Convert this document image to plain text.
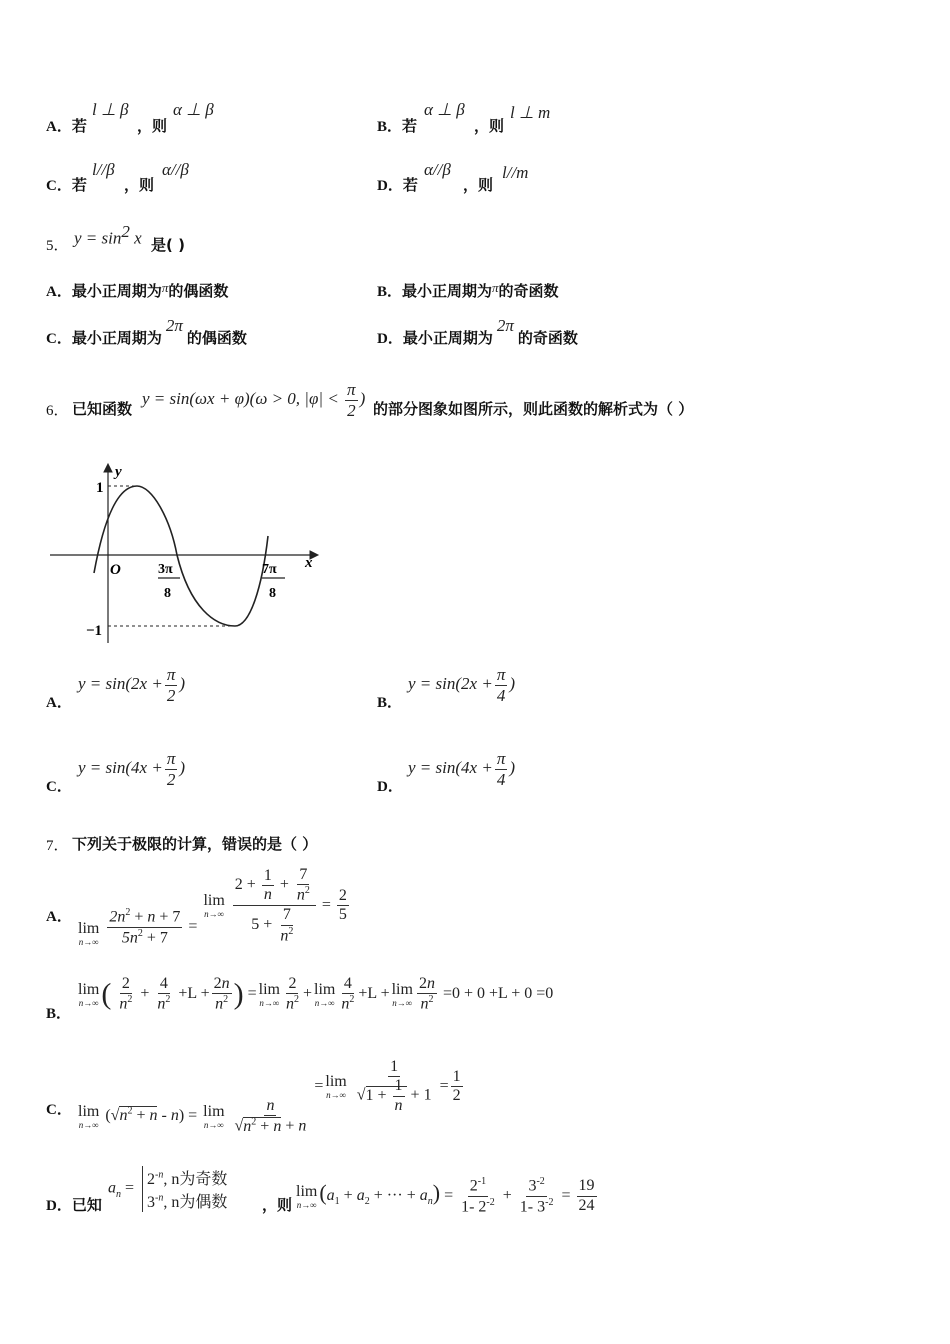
A．若
l ⊥ β
，则
α ⊥ β
B．若
α ⊥ β
，则
l ⊥ m
C．若
l//β
，则
α//β
D．若
α//β
，则
l//m
5． $y = \sin^2 x$ 是( )
A．最小正周期为$^\pi$的偶函数	B．最小正周期为$^\pi$的奇函数
C．最小正周期为2π的偶函数	D．最小正周期为2π的奇函数
6． 已知函数
y = sin(ωx + φ)(ω > 0, $|\varphi| < \frac{\pi}{2}$ )
的部分图象如图所示，则此函数的解析式为（ ）
y
x
1
−1
O	3π
8
7π
8
A．
$y = \sin(2x + \frac{\pi}{2}$ )
B．
$y = \sin(2x + \frac{\pi}{4}$ )
C．
$y = \sin(4x + \frac{\pi}{2}$ )
D．
$y = \sin(4x + \frac{\pi}{4}$ )
7． 下列关于极限的计算，错误的是（ ）
A．
lim
n→∞
$\frac{2n^2 + n + 7}{5n^2 + 7}$ =
lim
n→∞
$\frac{2 + \frac{1}{n} + \frac{7}{n^2}}{5 + \frac{7}{n^2}} = \frac{2}{5}$
B．
lim
n→∞ ( $\frac{2}{n^2} + \frac{4}{n^2} +L + \frac{2n}{n^2}$ ) = lim
$n\to\infty \frac{2}{n^2} + \lim$
$n\to\infty \frac{4}{n^2} +L + \lim$
$n\to\infty \frac{2n}{n^2} =0 + 0 +L + 0 =0$
C． lim
n→∞
$(√n^2 + n - n) = \lim$
n→∞
$\frac{n}{√n^2 + n + n}$
= lim
n→∞
$\frac{1}{√1 + \frac{1}{n} + 1} = \frac{1}{2}$
D．已知
$a_n$ =
$2^{-n}$, n为奇数
$3^{-n}$, n为偶数 ，则
lim
n→∞ ($a_1 + a_2$ + ··· + $a_n) = \frac{2^{-1}}{1- 2^{-2}} + \frac{3^{-2}}{1- 3^{-2}} = \frac{19}{24}$
